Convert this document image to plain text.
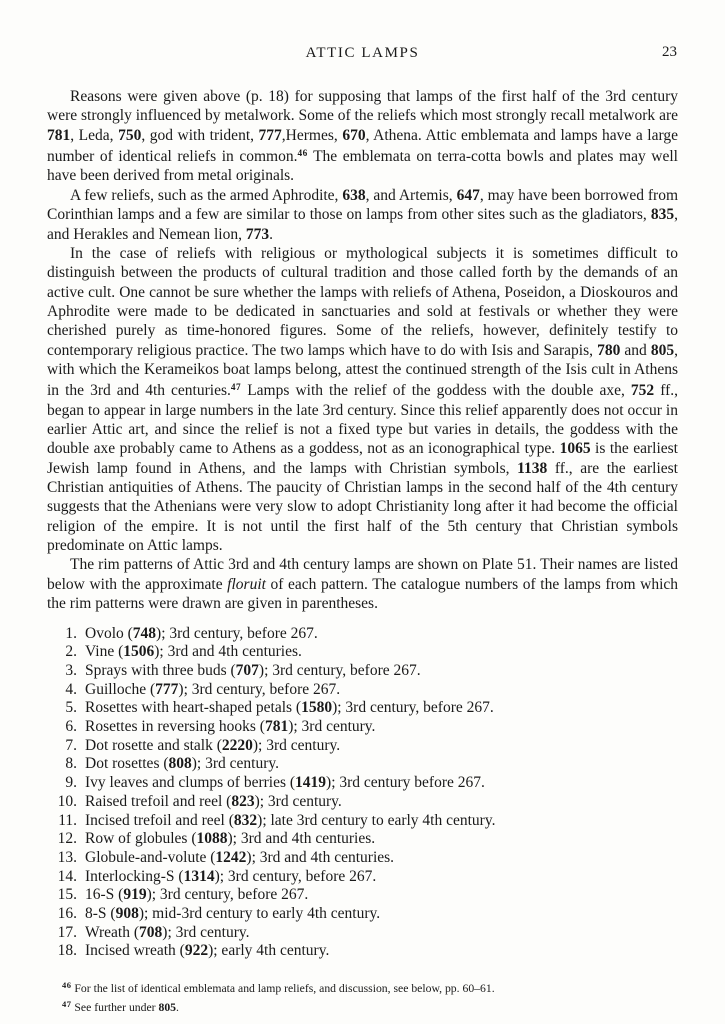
ATTIC LAMPS	23

Reasons were given above (p. 18) for supposing that lamps of the first half of the 3rd century were strongly influenced by metalwork. Some of the reliefs which most strongly recall metalwork are 781, Leda, 750, god with trident, 777,Hermes, 670, Athena. Attic emblemata and lamps have a large number of identical reliefs in common.$^{46}$ The emblemata on terra-cotta bowls and plates may well have been derived from metal originals.

A few reliefs, such as the armed Aphrodite, 638, and Artemis, 647, may have been borrowed from Corinthian lamps and a few are similar to those on lamps from other sites such as the gladiators, 835, and Herakles and Nemean lion, 773.

In the case of reliefs with religious or mythological subjects it is sometimes difficult to distinguish between the products of cultural tradition and those called forth by the demands of an active cult. One cannot be sure whether the lamps with reliefs of Athena, Poseidon, a Dioskouros and Aphrodite were made to be dedicated in sanctuaries and sold at festivals or whether they were cherished purely as time-honored figures. Some of the reliefs, however, definitely testify to contemporary religious practice. The two lamps which have to do with Isis and Sarapis, 780 and 805, with which the Kerameikos boat lamps belong, attest the continued strength of the Isis cult in Athens in the 3rd and 4th centuries.$^{47}$ Lamps with the relief of the goddess with the double axe, 752 ff., began to appear in large numbers in the late 3rd century. Since this relief apparently does not occur in earlier Attic art, and since the relief is not a fixed type but varies in details, the goddess with the double axe probably came to Athens as a goddess, not as an iconographical type. 1065 is the earliest Jewish lamp found in Athens, and the lamps with Christian symbols, 1138 ff., are the earliest Christian antiquities of Athens. The paucity of Christian lamps in the second half of the 4th century suggests that the Athenians were very slow to adopt Christianity long after it had become the official religion of the empire. It is not until the first half of the 5th century that Christian symbols predominate on Attic lamps.

The rim patterns of Attic 3rd and 4th century lamps are shown on Plate 51. Their names are listed below with the approximate floruit of each pattern. The catalogue numbers of the lamps from which the rim patterns were drawn are given in parentheses.

1. Ovolo (748); 3rd century, before 267.
2. Vine (1506); 3rd and 4th centuries.
3. Sprays with three buds (707); 3rd century, before 267.
4. Guilloche (777); 3rd century, before 267.
5. Rosettes with heart-shaped petals (1580); 3rd century, before 267.
6. Rosettes in reversing hooks (781); 3rd century.
7. Dot rosette and stalk (2220); 3rd century.
8. Dot rosettes (808); 3rd century.
9. Ivy leaves and clumps of berries (1419); 3rd century before 267.
10. Raised trefoil and reel (823); 3rd century.
11. Incised trefoil and reel (832); late 3rd century to early 4th century.
12. Row of globules (1088); 3rd and 4th centuries.
13. Globule-and-volute (1242); 3rd and 4th centuries.
14. Interlocking-S (1314); 3rd century, before 267.
15. 16-S (919); 3rd century, before 267.
16. 8-S (908); mid-3rd century to early 4th century.
17. Wreath (708); 3rd century.
18. Incised wreath (922); early 4th century.

$^{46}$ For the list of identical emblemata and lamp reliefs, and discussion, see below, pp. 60–61.

$^{47}$ See further under 805.
